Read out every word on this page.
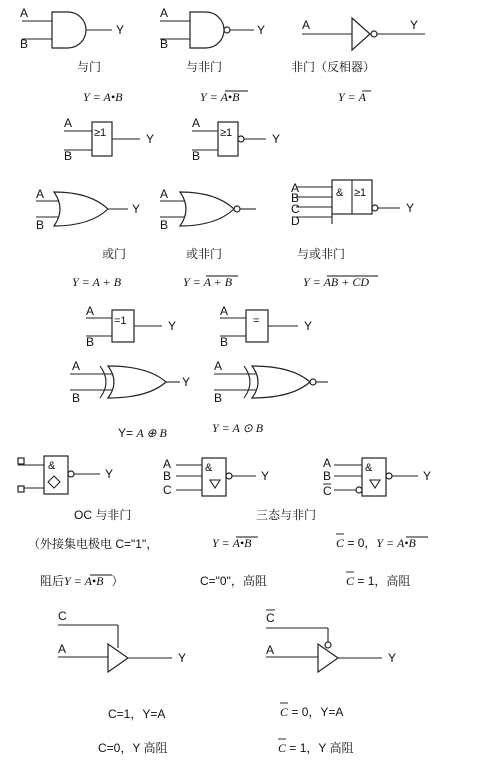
A
B
Y
与门
Y = A•B
A
B
Y
与非门
Y = A•B
A	Y
非门（反相器）
Y = A
≥1
A
B
Y	≥1
A
B
Y
A
B
Y
或门
Y = A + B
A
B
或非门
Y = A + B
& ≥1
A
B
C
D
Y
与或非门
Y = AB + CD
=1
A
B
Y	=
A
B
Y
A
B
Y
Y= A ⊕ B
A
B
Y = A ⊙ B
&
Y
OC 与非门
（外接集电极电 C="1"，
阻后Y = A•B ）
&
A
B
C
Y
&
A
B
C
Y
三态与非门
Y = A•B	C = 0，Y = A•B
C="0"，高阻	C = 1，高阻
C
A
Y
C=1，Y=A
C=0，Y 高阻
C
A
Y
C = 0，Y=A
C = 1，Y 高阻
